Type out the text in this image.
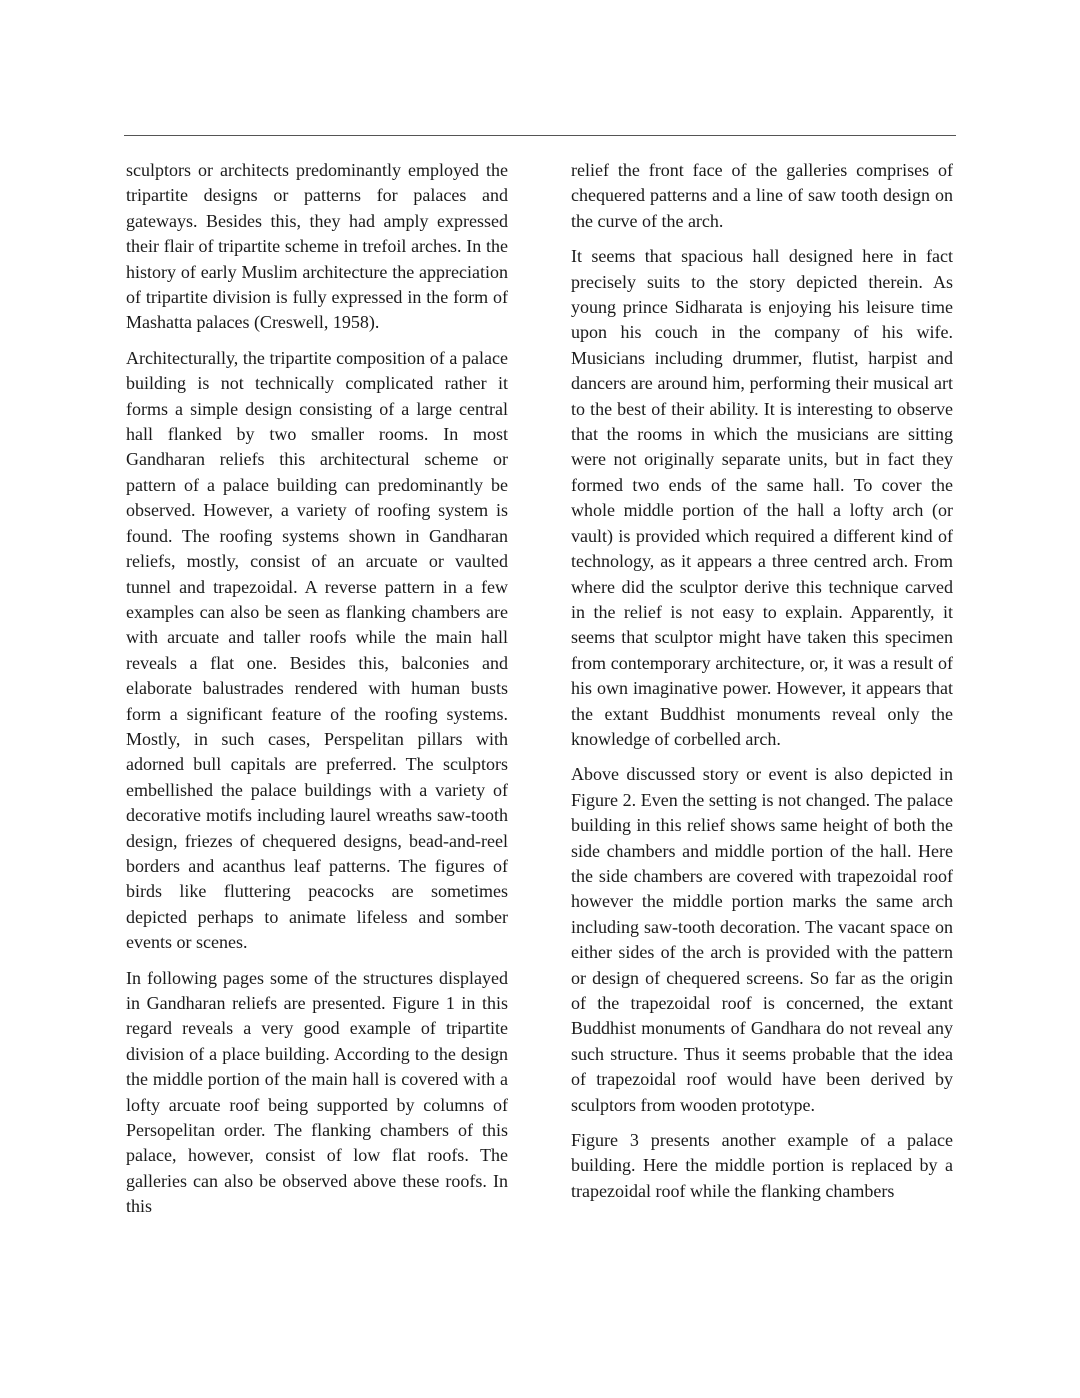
sculptors or architects predominantly employed the tripartite designs or patterns for palaces and gateways. Besides this, they had amply expressed their flair of tripartite scheme in trefoil arches. In the history of early Muslim architecture the appreciation of tripartite division is fully expressed in the form of Mashatta palaces (Creswell, 1958).

Architecturally, the tripartite composition of a palace building is not technically complicated rather it forms a simple design consisting of a large central hall flanked by two smaller rooms. In most Gandharan reliefs this architectural scheme or pattern of a palace building can predominantly be observed. However, a variety of roofing system is found. The roofing systems shown in Gandharan reliefs, mostly, consist of an arcuate or vaulted tunnel and trapezoidal. A reverse pattern in a few examples can also be seen as flanking chambers are with arcuate and taller roofs while the main hall reveals a flat one. Besides this, balconies and elaborate balustrades rendered with human busts form a significant feature of the roofing systems. Mostly, in such cases, Perspelitan pillars with adorned bull capitals are preferred. The sculptors embellished the palace buildings with a variety of decorative motifs including laurel wreaths saw-tooth design, friezes of chequered designs, bead-and-reel borders and acanthus leaf patterns. The figures of birds like fluttering peacocks are sometimes depicted perhaps to animate lifeless and somber events or scenes.

In following pages some of the structures displayed in Gandharan reliefs are presented. Figure 1 in this regard reveals a very good example of tripartite division of a place building. According to the design the middle portion of the main hall is covered with a lofty arcuate roof being supported by columns of Persopelitan order. The flanking chambers of this palace, however, consist of low flat roofs. The galleries can also be observed above these roofs. In this

relief the front face of the galleries comprises of chequered patterns and a line of saw tooth design on the curve of the arch.

It seems that spacious hall designed here in fact precisely suits to the story depicted therein. As young prince Sidharata is enjoying his leisure time upon his couch in the company of his wife. Musicians including drummer, flutist, harpist and dancers are around him, performing their musical art to the best of their ability. It is interesting to observe that the rooms in which the musicians are sitting were not originally separate units, but in fact they formed two ends of the same hall. To cover the whole middle portion of the hall a lofty arch (or vault) is provided which required a different kind of technology, as it appears a three centred arch. From where did the sculptor derive this technique carved in the relief is not easy to explain. Apparently, it seems that sculptor might have taken this specimen from contemporary architecture, or, it was a result of his own imaginative power. However, it appears that the extant Buddhist monuments reveal only the knowledge of corbelled arch.

Above discussed story or event is also depicted in Figure 2. Even the setting is not changed. The palace building in this relief shows same height of both the side chambers and middle portion of the hall. Here the side chambers are covered with trapezoidal roof however the middle portion marks the same arch including saw-tooth decoration. The vacant space on either sides of the arch is provided with the pattern or design of chequered screens. So far as the origin of the trapezoidal roof is concerned, the extant Buddhist monuments of Gandhara do not reveal any such structure. Thus it seems probable that the idea of trapezoidal roof would have been derived by sculptors from wooden prototype.

Figure 3 presents another example of a palace building. Here the middle portion is replaced by a trapezoidal roof while the flanking chambers
